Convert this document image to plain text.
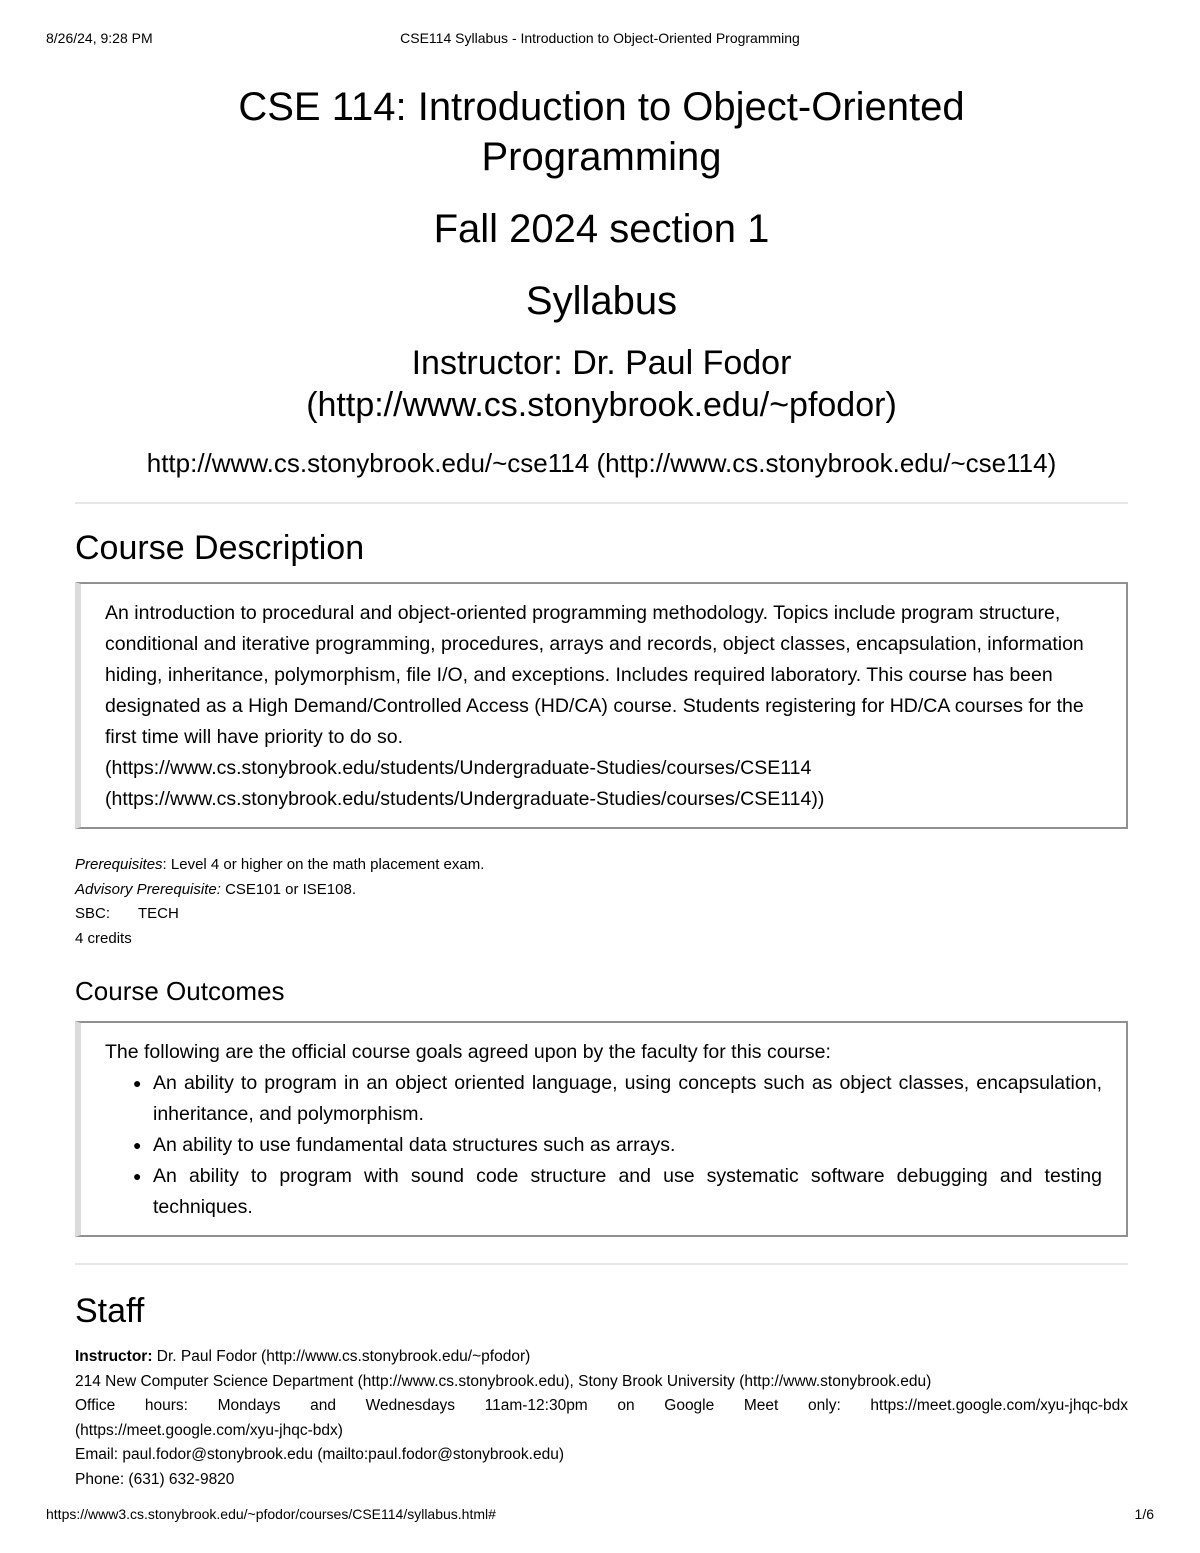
8/26/24, 9:28 PM	CSE114 Syllabus - Introduction to Object-Oriented Programming
CSE 114: Introduction to Object-Oriented
Programming
Fall 2024 section 1
Syllabus
Instructor: Dr. Paul Fodor
(http://www.cs.stonybrook.edu/~pfodor)
http://www.cs.stonybrook.edu/~cse114 (http://www.cs.stonybrook.edu/~cse114)
Course Description
An introduction to procedural and object-oriented programming methodology. Topics include program structure, conditional and iterative programming, procedures, arrays and records, object classes, encapsulation, information hiding, inheritance, polymorphism, file I/O, and exceptions. Includes required laboratory. This course has been designated as a High Demand/Controlled Access (HD/CA) course. Students registering for HD/CA courses for the first time will have priority to do so.
(https://www.cs.stonybrook.edu/students/Undergraduate-Studies/courses/CSE114
(https://www.cs.stonybrook.edu/students/Undergraduate-Studies/courses/CSE114))
Prerequisites: Level 4 or higher on the math placement exam.
Advisory Prerequisite: CSE101 or ISE108.
SBC: TECH
4 credits
Course Outcomes
The following are the official course goals agreed upon by the faculty for this course:
● An ability to program in an object oriented language, using concepts such as object classes, encapsulation, inheritance, and polymorphism.
● An ability to use fundamental data structures such as arrays.
● An ability to program with sound code structure and use systematic software debugging and testing techniques.
Staff
Instructor: Dr. Paul Fodor (http://www.cs.stonybrook.edu/~pfodor)
214 New Computer Science Department (http://www.cs.stonybrook.edu), Stony Brook University (http://www.stonybrook.edu)
Office hours: Mondays and Wednesdays 11am-12:30pm on Google Meet only: https://meet.google.com/xyu-jhqc-bdx
(https://meet.google.com/xyu-jhqc-bdx)
Email: paul.fodor@stonybrook.edu (mailto:paul.fodor@stonybrook.edu)
Phone: (631) 632-9820
https://www3.cs.stonybrook.edu/~pfodor/courses/CSE114/syllabus.html#	1/6
